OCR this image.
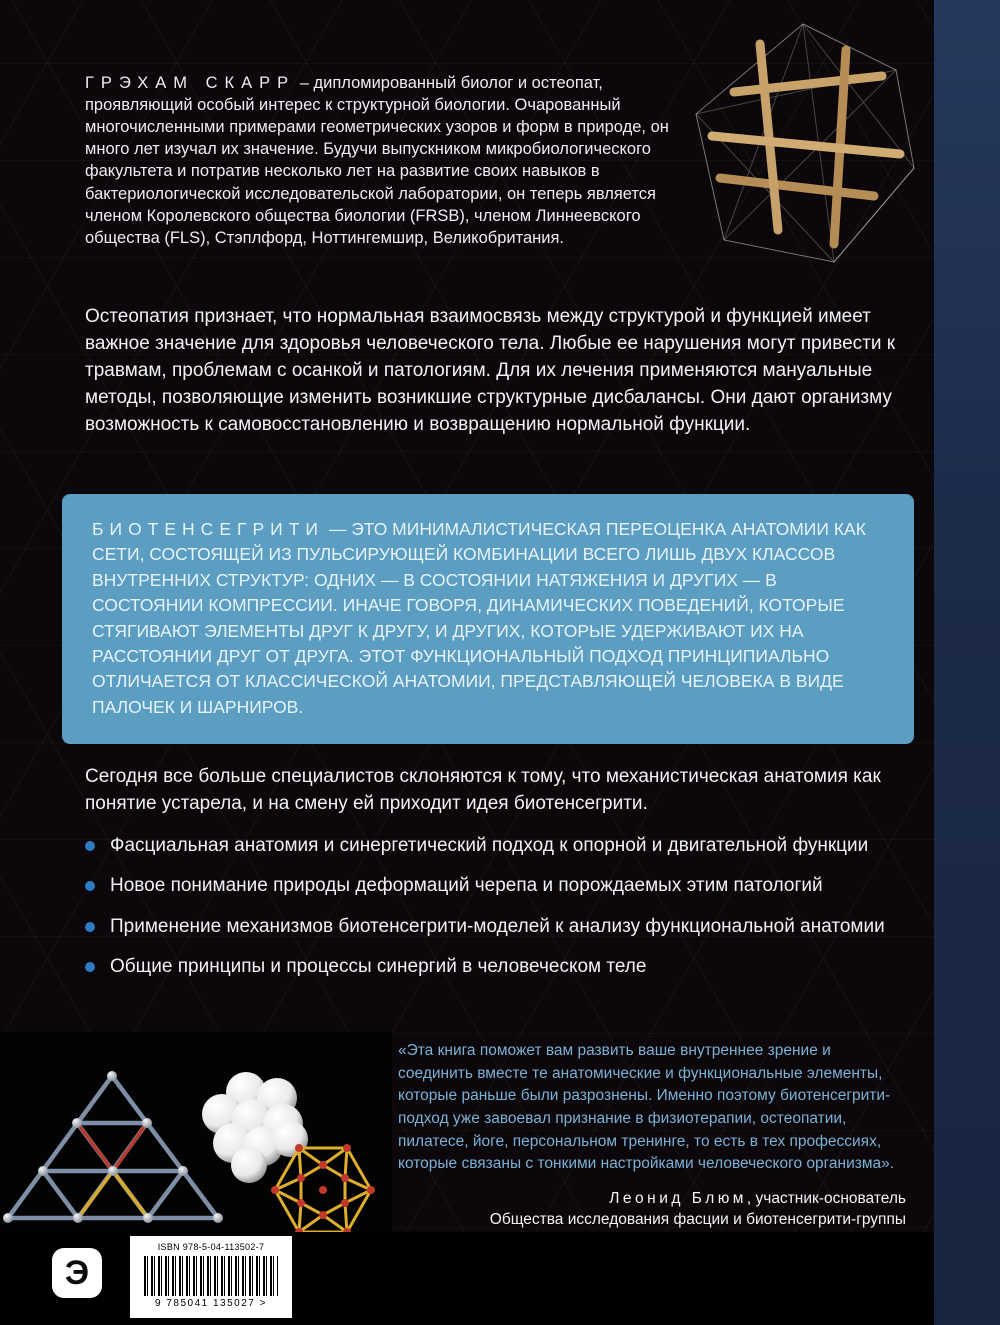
ГРЭХАМ СКАРР – дипломированный биолог и остеопат, проявляющий особый интерес к структурной биологии. Очарованный многочисленными примерами геометрических узоров и форм в природе, он много лет изучал их значение. Будучи выпускником микробиологического факультета и потратив несколько лет на развитие своих навыков в бактериологической исследовательской лаборатории, он теперь является членом Королевского общества биологии (FRSB), членом Линнеевского общества (FLS), Стэплфорд, Ноттингемшир, Великобритания.
Остеопатия признает, что нормальная взаимосвязь между структурой и функцией имеет важное значение для здоровья человеческого тела. Любые ее нарушения могут привести к травмам, проблемам с осанкой и патологиям. Для их лечения применяются мануальные методы, позволяющие изменить возникшие структурные дисбалансы. Они дают организму возможность к самовосстановлению и возвращению нормальной функции.
БИОТЕНСЕГРИТИ — ЭТО МИНИМАЛИСТИЧЕСКАЯ ПЕРЕОЦЕНКА АНАТОМИИ КАК СЕТИ, СОСТОЯЩЕЙ ИЗ ПУЛЬСИРУЮЩЕЙ КОМБИНАЦИИ ВСЕГО ЛИШЬ ДВУХ КЛАССОВ ВНУТРЕННИХ СТРУКТУР: ОДНИХ — В СОСТОЯНИИ НАТЯЖЕНИЯ И ДРУГИХ — В СОСТОЯНИИ КОМПРЕССИИ. ИНАЧЕ ГОВОРЯ, ДИНАМИЧЕСКИХ ПОВЕДЕНИЙ, КОТОРЫЕ СТЯГИВАЮТ ЭЛЕМЕНТЫ ДРУГ К ДРУГУ, И ДРУГИХ, КОТОРЫЕ УДЕРЖИВАЮТ ИХ НА РАССТОЯНИИ ДРУГ ОТ ДРУГА. ЭТОТ ФУНКЦИОНАЛЬНЫЙ ПОДХОД ПРИНЦИПИАЛЬНО ОТЛИЧАЕТСЯ ОТ КЛАССИЧЕСКОЙ АНАТОМИИ, ПРЕДСТАВЛЯЮЩЕЙ ЧЕЛОВЕКА В ВИДЕ ПАЛОЧЕК И ШАРНИРОВ.
Сегодня все больше специалистов склоняются к тому, что механистическая анатомия как понятие устарела, и на смену ей приходит идея биотенсегрити.
Фасциальная анатомия и синергетический подход к опорной и двигательной функции
Новое понимание природы деформаций черепа и порождаемых этим патологий
Применение механизмов биотенсегрити-моделей к анализу функциональной анатомии
Общие принципы и процессы синергий в человеческом теле
«Эта книга поможет вам развить ваше внутреннее зрение и соединить вместе те анатомические и функциональные элементы, которые раньше были разрознены. Именно поэтому биотенсегрити-подход уже завоевал признание в физиотерапии, остеопатии, пилатесе, йоге, персональном тренинге, то есть в тех профессиях, которые связаны с тонкими настройками человеческого организма».
Леонид Блюм, участник-основатель
Общества исследования фасции и биотенсегрити-группы
Э
ISBN 978-5-04-113502-7
9 785041 135027 >
